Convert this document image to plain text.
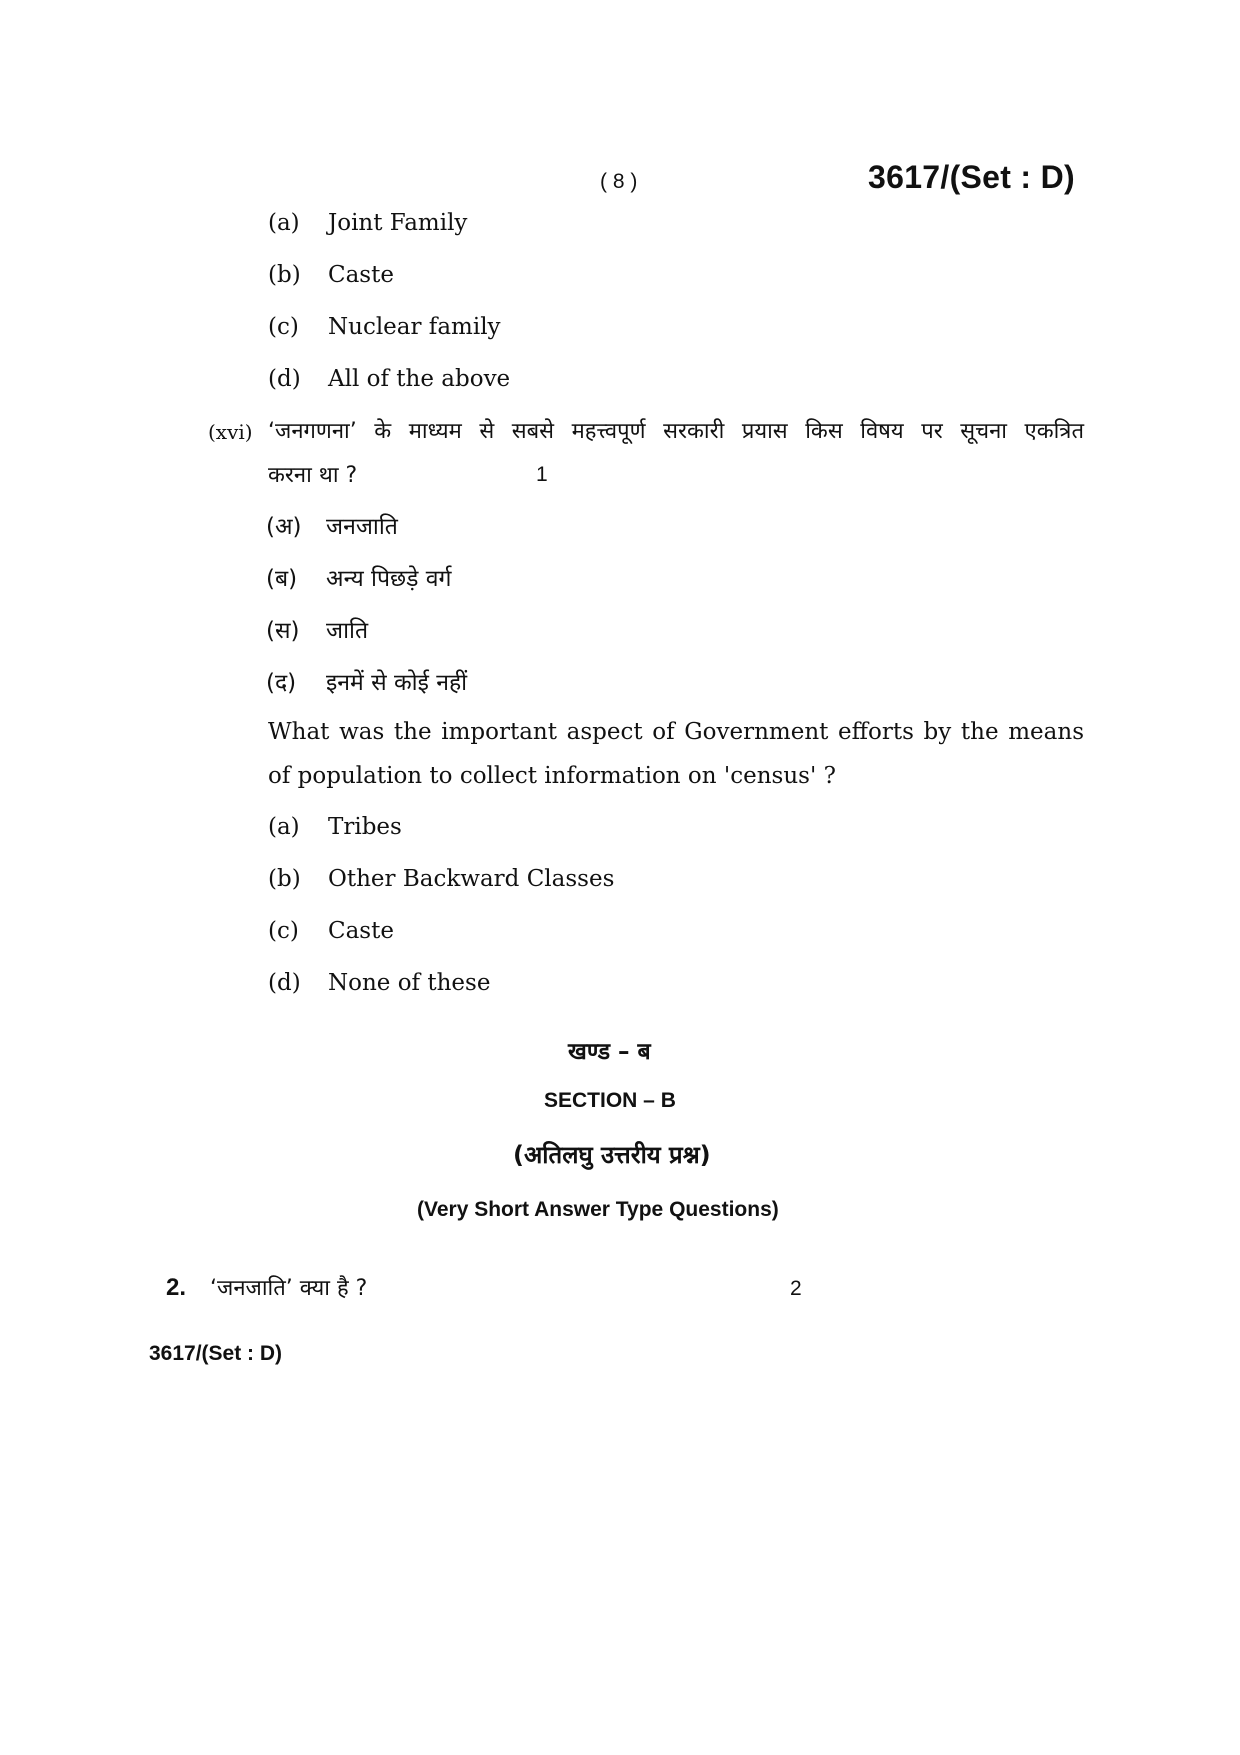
( 8 )	3617/(Set : D)
(a) Joint Family
(b) Caste
(c) Nuclear family
(d) All of the above
(xvi) ‘जनगणना’ के माध्यम से सबसे महत्त्वपूर्ण सरकारी प्रयास किस विषय पर सूचना एकत्रित
करना था ?	1
(अ) जनजाति
(ब) अन्य पिछड़े वर्ग
(स) जाति
(द) इनमें से कोई नहीं
What was the important aspect of Government efforts by the means
of population to collect information on 'census' ?
(a) Tribes
(b) Other Backward Classes
(c) Caste
(d) None of these
खण्ड – ब
SECTION – B
(अतिलघु उत्तरीय प्रश्न)
(Very Short Answer Type Questions)
2. ‘जनजाति’ क्या है ?	2
3617/(Set : D)
